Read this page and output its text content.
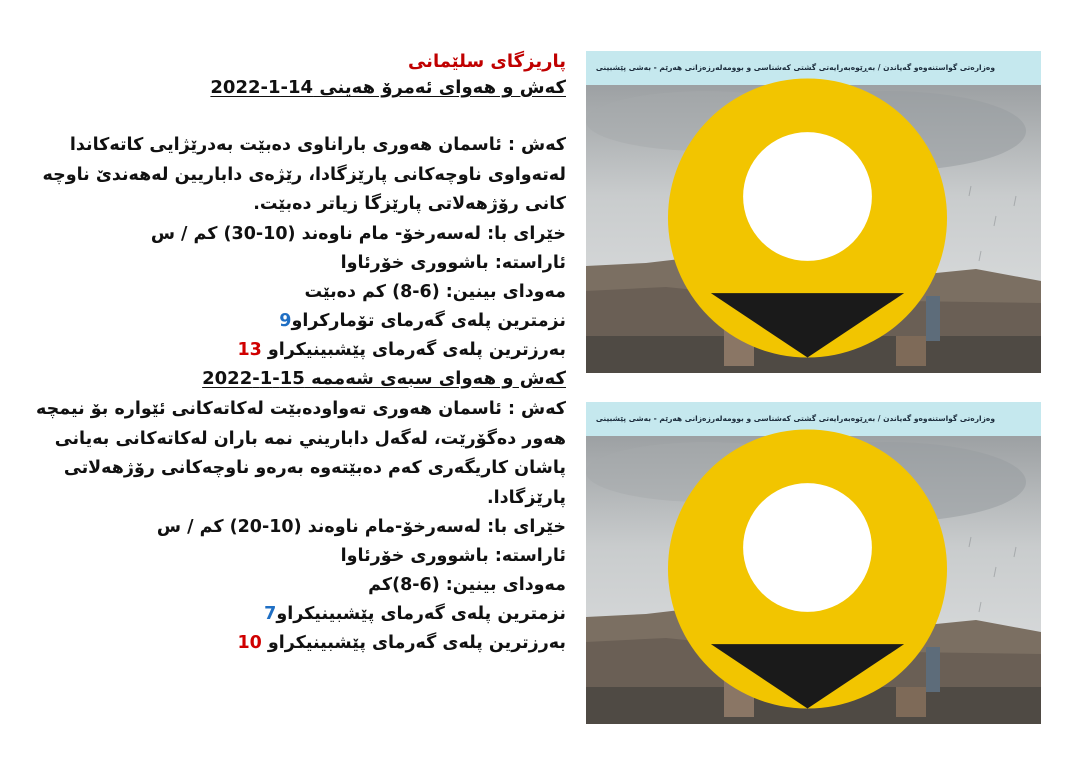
پاریزگای سلێمانی
کەش و هەوای ئەمرۆ هەینی 14-1-2022
کەش : ئاسمان هەوری باراناوی دەبێت بەدرێژایی کاتەکاندا لەتەواوی ناوچەکانی پارێزگادا، رێژەی داباریين لەهەندێ ناوچە کانی رۆژهەلاتی پارێزگا زیاتر دەبێت.
خێرای با: لەسەرخۆ- مام ناوەند (10-30) کم / س
ئاراستە: باشووری خۆرئاوا
مەودای بينين: (6-8) کم دەبێت
نزمترین پلەی گەرمای تۆمارکراو9
بەرزترین پلەی گەرمای پێشبينيکراو 13
کەش و هەوای سبەی شەممە 15-1-2022
کەش : ئاسمان هەوری تەواودەبێت لەکاتەکانی ئێوارە بۆ نیمچە هەور دەگۆرێت، لەگەل داباريني نمە باران لەکاتەکانی بەيانی پاشان کاريگەری کەم دەبێتەوە بەرەو ناوچەکانی رۆژهەلاتی پارێزگادا.
خێرای با: لەسەرخۆ-مام ناوەند (10-20) کم / س
ئاراستە: باشووری خۆرئاوا
مەودای بينين: (6-8)کم
نزمترین پلەی گەرمای پێشبينيکراو7
بەرزترین پلەی گەرمای پێشبينيکراو 10
وەزارەتی گواستنەوەو گەیاندن / بەڕێوەبەرایەتی گشتی کەشناسی و بوومەلەرزەزانی هەرێم - بەشی پێشبینی
وەزارەتی گواستنەوەو گەیاندن / بەڕێوەبەرایەتی گشتی کەشناسی و بوومەلەرزەزانی هەرێم - بەشی پێشبینی
